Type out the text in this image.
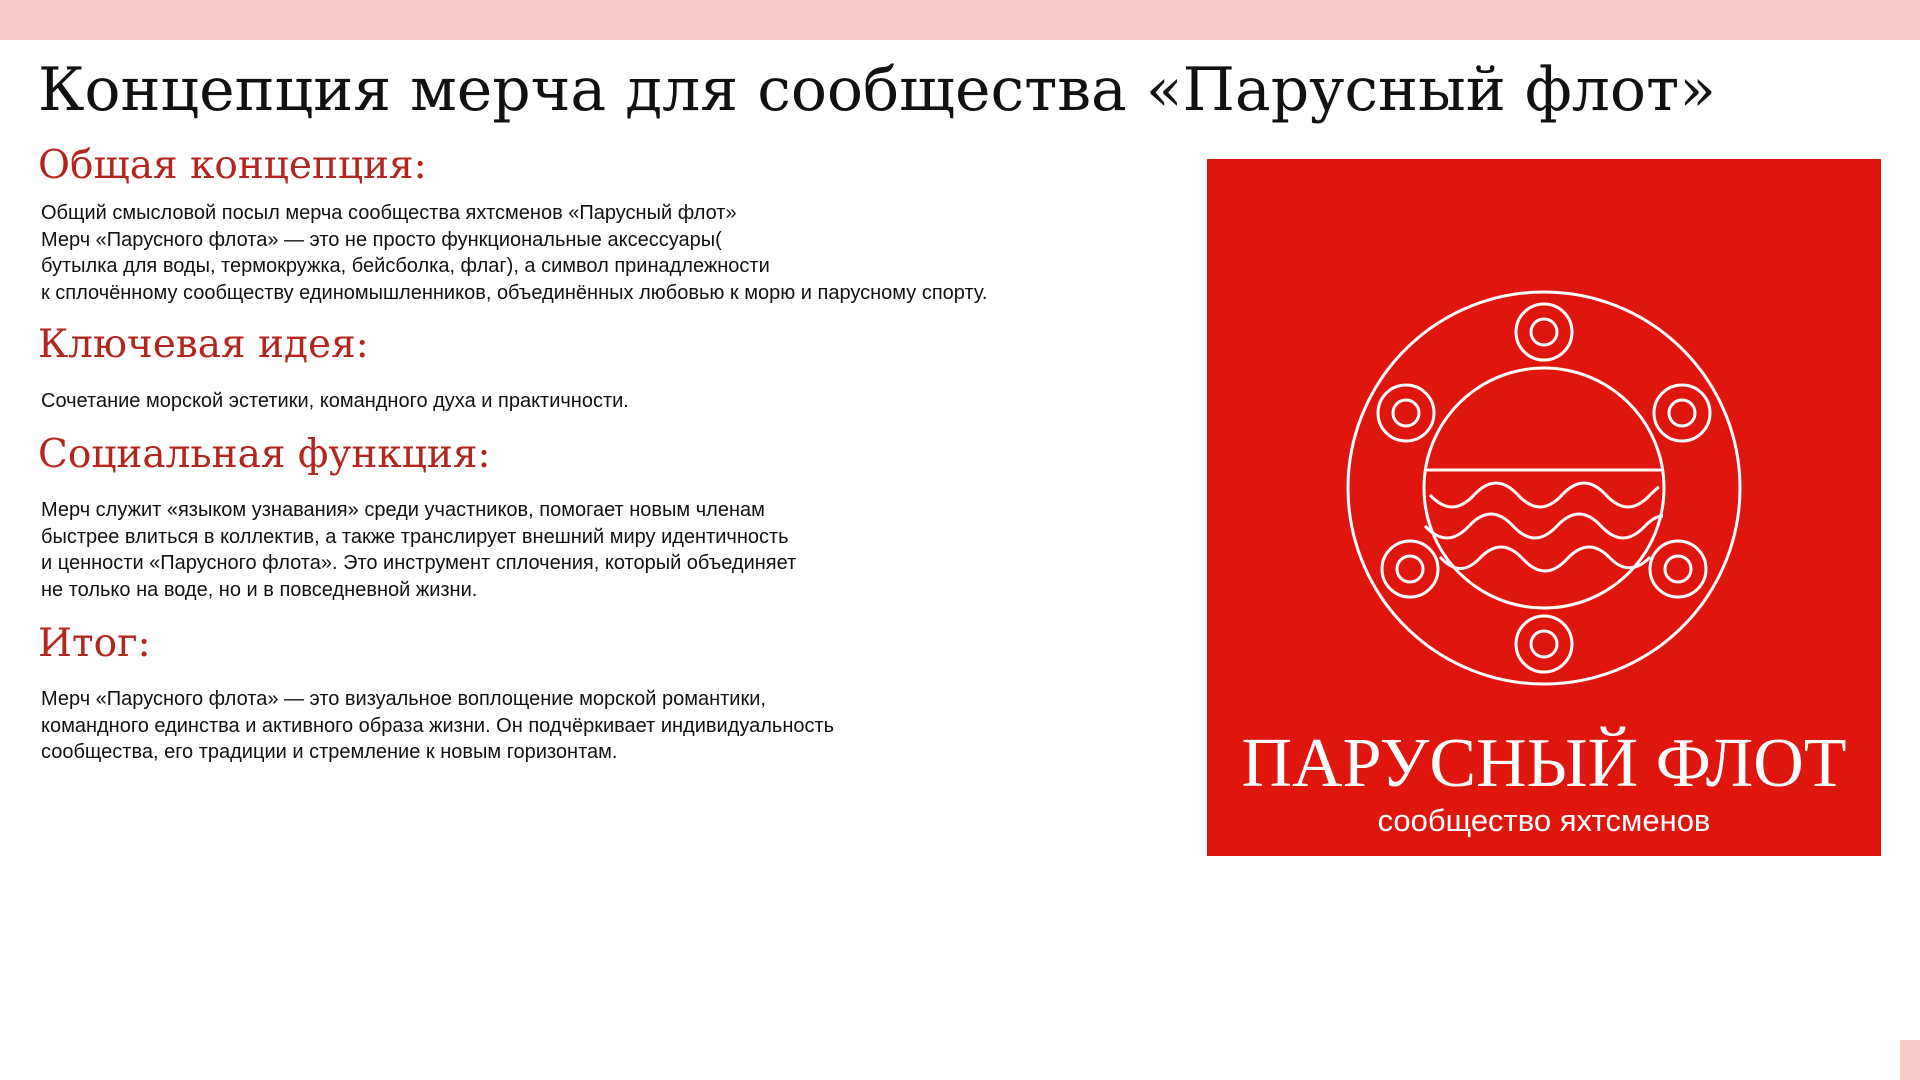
Концепция мерча для сообщества «Парусный флот»
Общая концепция:
Общий смысловой посыл мерча сообщества яхтсменов «Парусный флот»
Мерч «Парусного флота» — это не просто функциональные аксессуары(
бутылка для воды, термокружка, бейсболка, флаг), а символ принадлежности
к сплочённому сообществу единомышленников, объединённых любовью к морю и парусному спорту.
Ключевая идея:
Сочетание морской эстетики, командного духа и практичности.
Социальная функция:
Мерч служит «языком узнавания» среди участников, помогает новым членам
быстрее влиться в коллектив, а также транслирует внешний миру идентичность
и ценности «Парусного флота». Это инструмент сплочения, который объединяет
не только на воде, но и в повседневной жизни.
Итог:
Мерч «Парусного флота» — это визуальное воплощение морской романтики,
командного единства и активного образа жизни. Он подчёркивает индивидуальность
сообщества, его традиции и стремление к новым горизонтам.	ПАРУСНЫЙ ФЛОТ
сообщество яхтсменов
